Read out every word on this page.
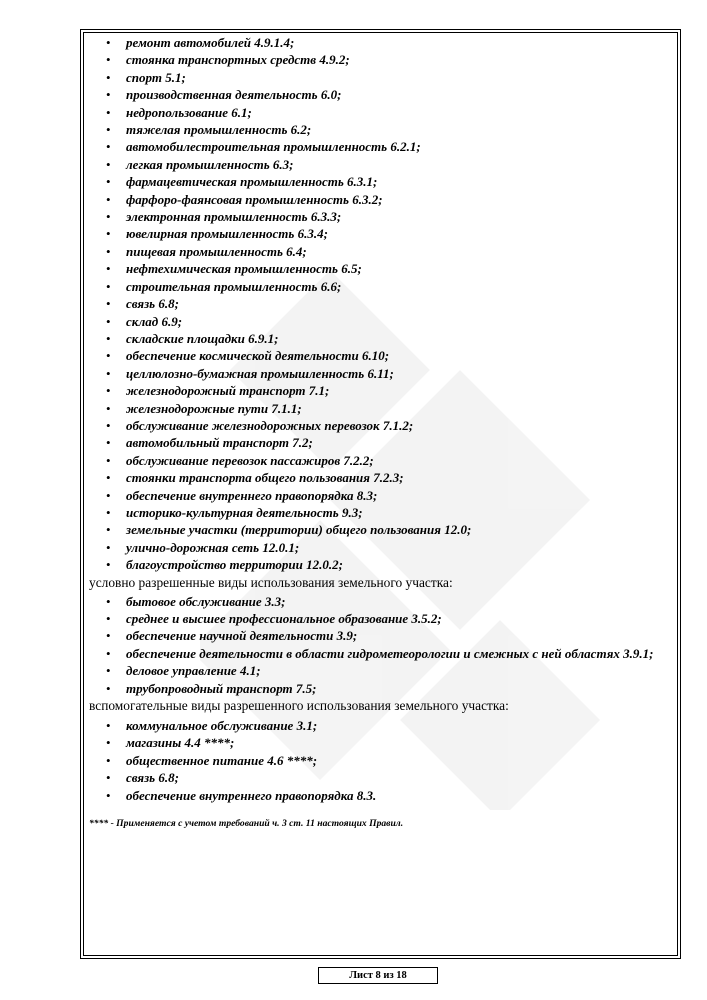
• ремонт автомобилей 4.9.1.4;
• стоянка транспортных средств 4.9.2;
• спорт 5.1;
• производственная деятельность 6.0;
• недропользование 6.1;
• тяжелая промышленность 6.2;
• автомобилестроительная промышленность 6.2.1;
• легкая промышленность 6.3;
• фармацевтическая промышленность 6.3.1;
• фарфоро-фаянсовая промышленность 6.3.2;
• электронная промышленность 6.3.3;
• ювелирная промышленность 6.3.4;
• пищевая промышленность 6.4;
• нефтехимическая промышленность 6.5;
• строительная промышленность 6.6;
• связь 6.8;
• склад 6.9;
• складские площадки 6.9.1;
• обеспечение космической деятельности 6.10;
• целлюлозно-бумажная промышленность 6.11;
• железнодорожный транспорт 7.1;
• железнодорожные пути 7.1.1;
• обслуживание железнодорожных перевозок 7.1.2;
• автомобильный транспорт 7.2;
• обслуживание перевозок пассажиров 7.2.2;
• стоянки транспорта общего пользования 7.2.3;
• обеспечение внутреннего правопорядка 8.3;
• историко-культурная деятельность 9.3;
• земельные участки (территории) общего пользования 12.0;
• улично-дорожная сеть 12.0.1;
• благоустройство территории 12.0.2;
условно разрешенные виды использования земельного участка:
• бытовое обслуживание 3.3;
• среднее и высшее профессиональное образование 3.5.2;
• обеспечение научной деятельности 3.9;
• обеспечение деятельности в области гидрометеорологии и смежных с ней областях 3.9.1;
• деловое управление 4.1;
• трубопроводный транспорт 7.5;
вспомогательные виды разрешенного использования земельного участка:
• коммунальное обслуживание 3.1;
• магазины 4.4 ****;
• общественное питание 4.6 ****;
• связь 6.8;
• обеспечение внутреннего правопорядка 8.3.
**** - Применяется с учетом требований ч. 3 ст. 11 настоящих Правил.
Лист 8 из 18
